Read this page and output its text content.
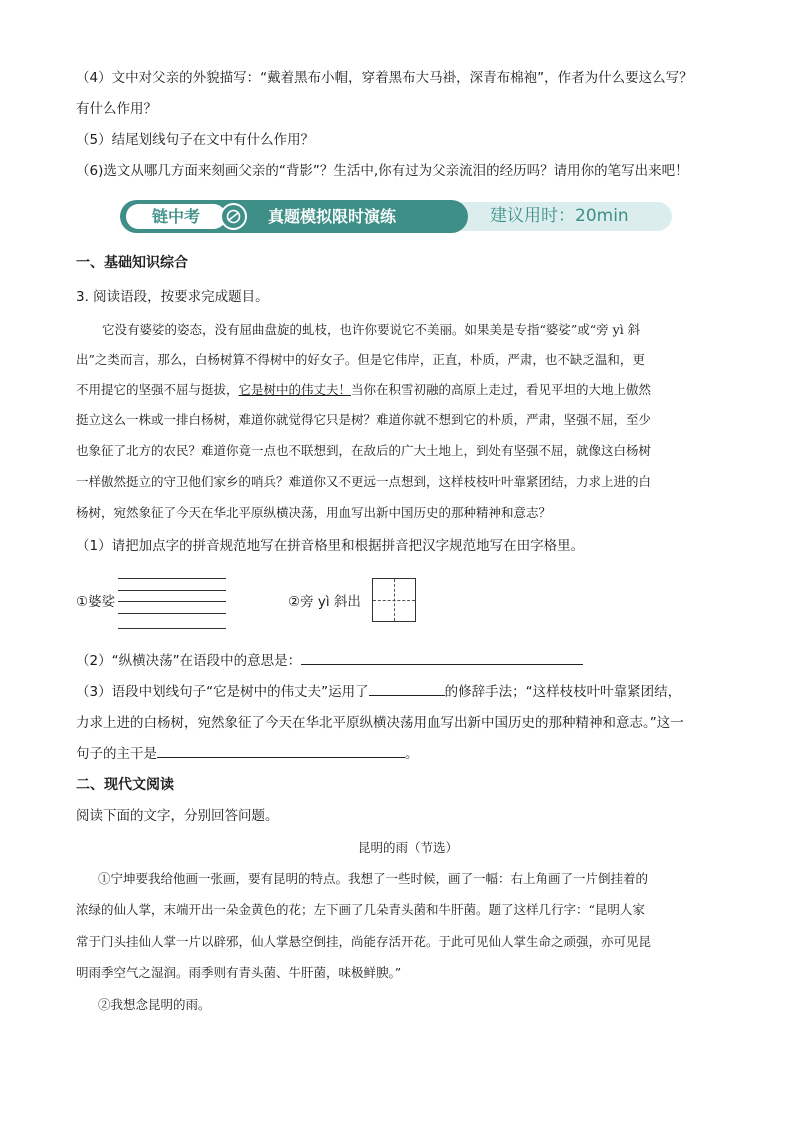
（4）文中对父亲的外貌描写：“戴着黑布小帽，穿着黑布大马褂，深青布棉袍”，作者为什么要这么写？
有什么作用？
（5）结尾划线句子在文中有什么作用？
（6)选文从哪几方面来刻画父亲的“背影”？生活中,你有过为父亲流泪的经历吗？请用你的笔写出来吧！
链中考	真题模拟限时演练	建议用时：20min
一、基础知识综合
3. 阅读语段，按要求完成题目。
它没有婆娑的姿态，没有屈曲盘旋的虬枝，也许你要说它不美丽。如果美是专指“婆娑”或“旁 yì 斜
出”之类而言，那么，白杨树算不得树中的好女子。但是它伟岸，正直，朴质，严肃，也不缺乏温和，更
不用提它的坚强不屈与挺拔，它是树中的伟丈夫！当你在积雪初融的高原上走过，看见平坦的大地上傲然
挺立这么一株或一排白杨树，难道你就觉得它只是树？难道你就不想到它的朴质，严肃，坚强不屈，至少
也象征了北方的农民？难道你竟一点也不联想到，在敌后的广大土地上，到处有坚强不屈，就像这白杨树
一样傲然挺立的守卫他们家乡的哨兵？难道你又不更远一点想到，这样枝枝叶叶靠紧团结，力求上进的白
杨树，宛然象征了今天在华北平原纵横决荡，用血写出新中国历史的那种精神和意志？
（1）请把加点字的拼音规范地写在拼音格里和根据拼音把汉字规范地写在田字格里。
①婆娑	②旁 yì 斜出
（2）“纵横决荡”在语段中的意思是：
（3）语段中划线句子“它是树中的伟丈夫”运用了	的修辞手法；“这样枝枝叶叶靠紧团结，
力求上进的白杨树，宛然象征了今天在华北平原纵横决荡用血写出新中国历史的那种精神和意志。”这一
句子的主干是	。
二、现代文阅读
阅读下面的文字，分别回答问题。
昆明的雨（节选）
①宁坤要我给他画一张画，要有昆明的特点。我想了一些时候，画了一幅：右上角画了一片倒挂着的
浓绿的仙人掌，末端开出一朵金黄色的花；左下画了几朵青头菌和牛肝菌。题了这样几行字：“昆明人家
常于门头挂仙人掌一片以辟邪，仙人掌悬空倒挂，尚能存活开花。于此可见仙人掌生命之顽强，亦可见昆
明雨季空气之湿润。雨季则有青头菌、牛肝菌，味极鲜腴。”
②我想念昆明的雨。
